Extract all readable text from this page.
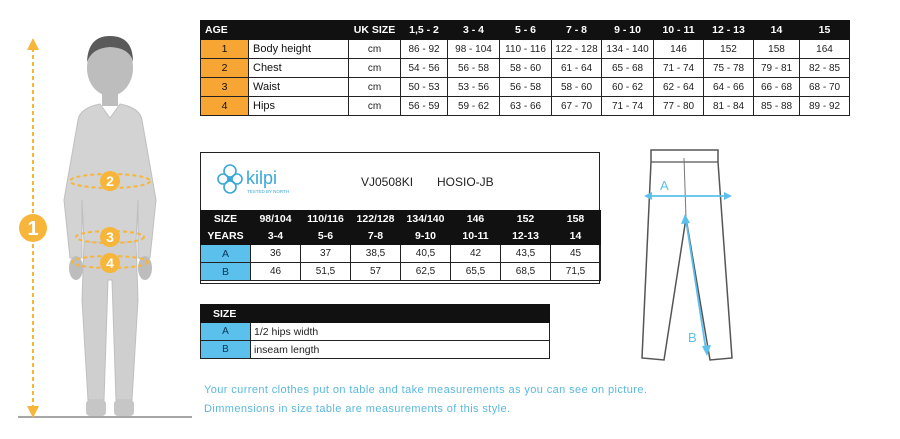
1
2
3
4
AGE		UK SIZE	1,5 - 2	3 - 4	5 - 6	7 - 8	9 - 10	10 - 11	12 - 13	14	15
1	Body height	cm	86 - 92	98 - 104	110 - 116	122 - 128	134 - 140	146	152	158	164
2	Chest	cm	54 - 56	56 - 58	58 - 60	61 - 64	65 - 68	71 - 74	75 - 78	79 - 81	82 - 85
3	Waist	cm	50 - 53	53 - 56	56 - 58	58 - 60	60 - 62	62 - 64	64 - 66	66 - 68	68 - 70
4	Hips	cm	56 - 59	59 - 62	63 - 66	67 - 70	71 - 74	77 - 80	81 - 84	85 - 88	89 - 92
kilpi
TESTED BY NORTH
VJ0508KI HOSIO-JB
SIZE	98/104	110/116	122/128	134/140	146	152	158
YEARS	3-4	5-6	7-8	9-10	10-11	12-13	14
A	36	37	38,5	40,5	42	43,5	45
B	46	51,5	57	62,5	65,5	68,5	71,5
SIZE	
A	1/2 hips width
B	inseam length
A
B
Your current clothes put on table and take measurements as you can see on picture.
Dimmensions in size table are measurements of this style.
